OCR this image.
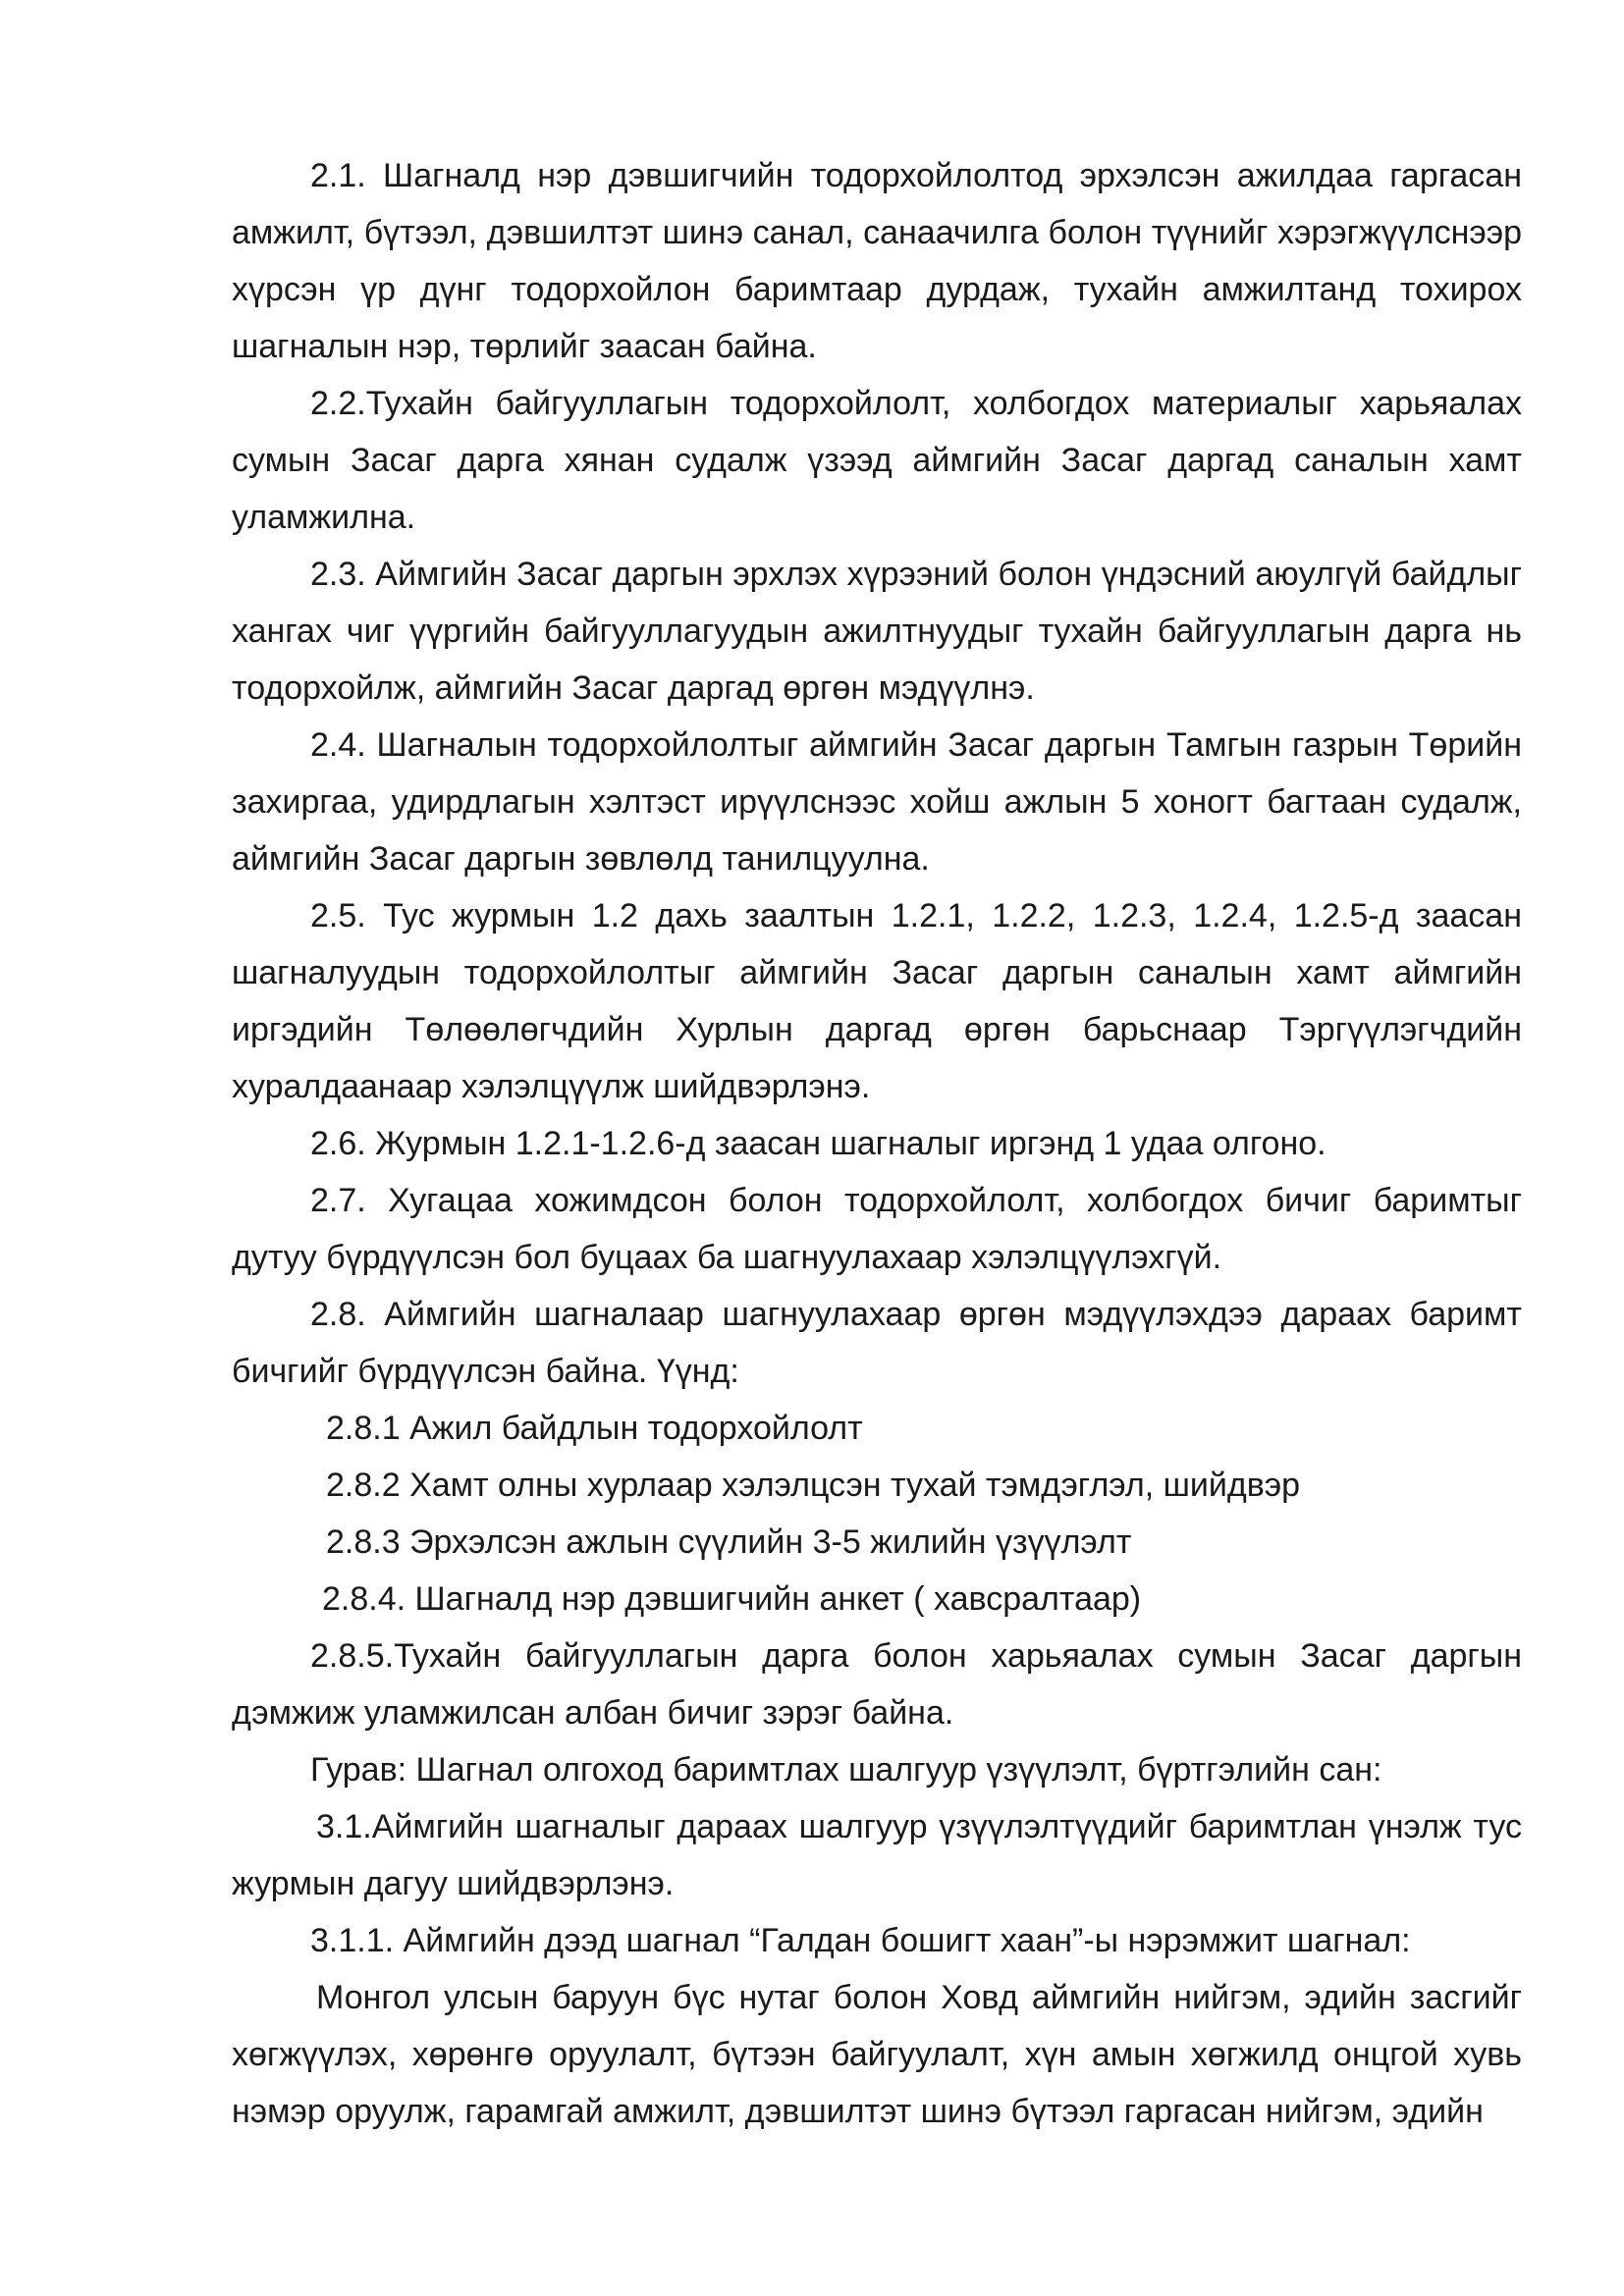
2.1. Шагналд нэр дэвшигчийн тодорхойлолтод эрхэлсэн ажилдаа гаргасан амжилт, бүтээл, дэвшилтэт шинэ санал, санаачилга болон түүнийг хэрэгжүүлснээр хүрсэн үр дүнг тодорхойлон баримтаар дурдаж, тухайн амжилтанд тохирох шагналын нэр, төрлийг заасан байна.

2.2.Тухайн байгууллагын тодорхойлолт, холбогдох материалыг харьяалах сумын Засаг дарга хянан судалж үзээд аймгийн Засаг даргад саналын хамт уламжилна.

2.3. Аймгийн Засаг даргын эрхлэх хүрээний болон үндэсний аюулгүй байдлыг хангах чиг үүргийн байгууллагуудын ажилтнуудыг тухайн байгууллагын дарга нь тодорхойлж, аймгийн Засаг даргад өргөн мэдүүлнэ.

2.4. Шагналын тодорхойлолтыг аймгийн Засаг даргын Тамгын газрын Төрийн захиргаа, удирдлагын хэлтэст ирүүлснээс хойш ажлын 5 хоногт багтаан судалж, аймгийн Засаг даргын зөвлөлд танилцуулна.

2.5. Тус журмын 1.2 дахь заалтын 1.2.1, 1.2.2, 1.2.3, 1.2.4, 1.2.5-д заасан шагналуудын тодорхойлолтыг аймгийн Засаг даргын саналын хамт аймгийн иргэдийн Төлөөлөгчдийн Хурлын даргад өргөн барьснаар Тэргүүлэгчдийн хуралдаанаар хэлэлцүүлж шийдвэрлэнэ.

2.6. Журмын 1.2.1-1.2.6-д заасан шагналыг иргэнд 1 удаа олгоно.

2.7. Хугацаа хожимдсон болон тодорхойлолт, холбогдох бичиг баримтыг дутуу бүрдүүлсэн бол буцаах ба шагнуулахаар хэлэлцүүлэхгүй.

2.8. Аймгийн шагналаар шагнуулахаар өргөн мэдүүлэхдээ дараах баримт бичгийг бүрдүүлсэн байна. Үүнд:

2.8.1 Ажил байдлын тодорхойлолт

2.8.2 Хамт олны хурлаар хэлэлцсэн тухай тэмдэглэл, шийдвэр

2.8.3 Эрхэлсэн ажлын сүүлийн 3-5 жилийн үзүүлэлт

2.8.4. Шагналд нэр дэвшигчийн анкет ( хавсралтаар)

2.8.5.Тухайн байгууллагын дарга болон харьяалах сумын Засаг даргын дэмжиж уламжилсан албан бичиг зэрэг байна.

Гурав: Шагнал олгоход баримтлах шалгуур үзүүлэлт, бүртгэлийн сан:

3.1.Аймгийн шагналыг дараах шалгуур үзүүлэлтүүдийг баримтлан үнэлж тус журмын дагуу шийдвэрлэнэ.

3.1.1. Аймгийн дээд шагнал “Галдан бошигт хаан”-ы нэрэмжит шагнал:

Монгол улсын баруун бүс нутаг болон Ховд аймгийн нийгэм, эдийн засгийг хөгжүүлэх, хөрөнгө оруулалт, бүтээн байгуулалт, хүн амын хөгжилд онцгой хувь нэмэр оруулж, гарамгай амжилт, дэвшилтэт шинэ бүтээл гаргасан нийгэм, эдийн
